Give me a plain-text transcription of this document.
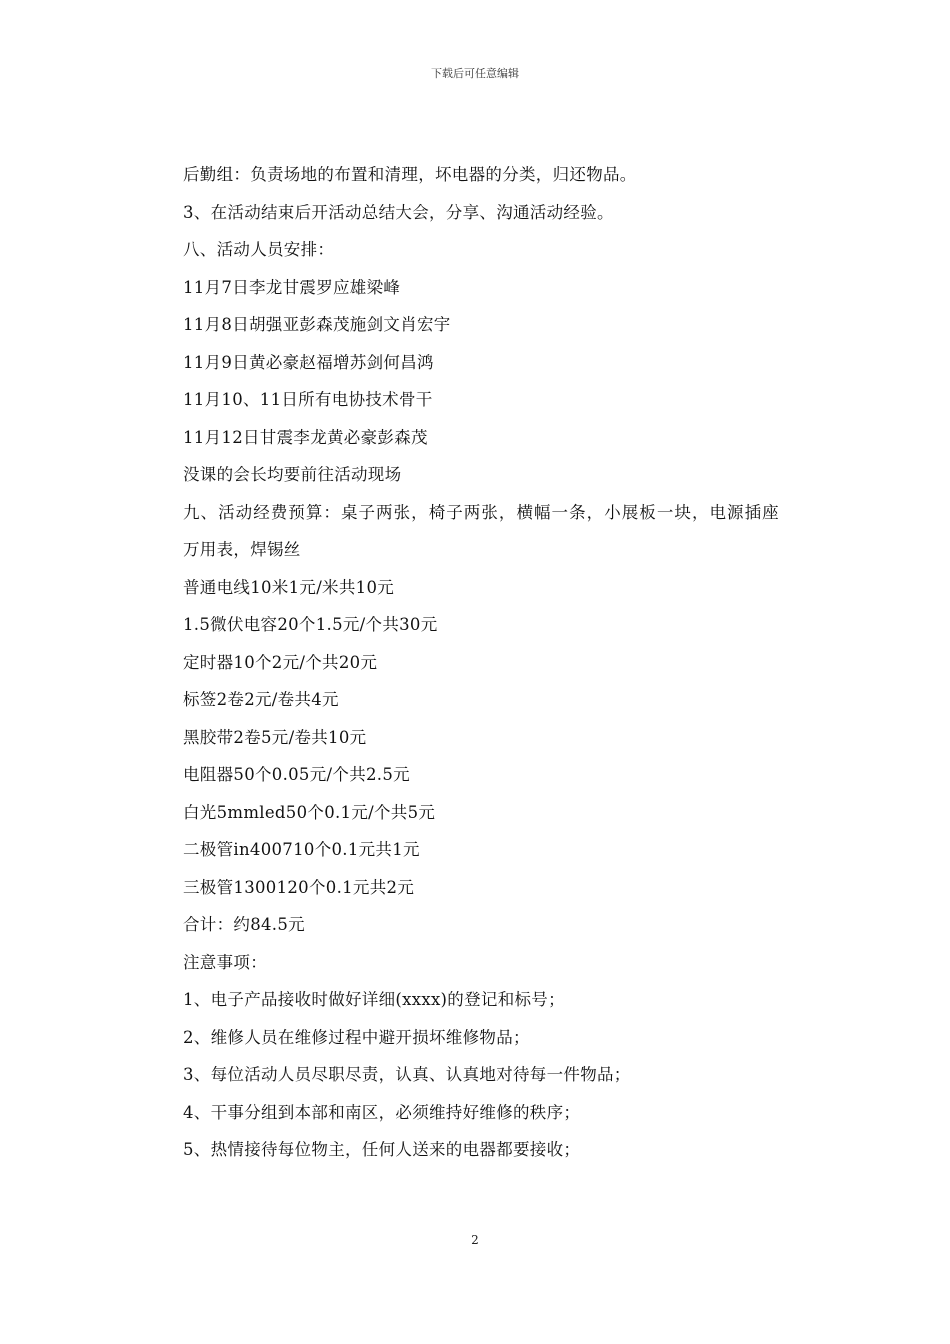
下载后可任意编辑

后勤组：负责场地的布置和清理，坏电器的分类，归还物品。

3、在活动结束后开活动总结大会，分享、沟通活动经验。

八、活动人员安排：

11月7日李龙甘震罗应雄梁峰

11月8日胡强亚彭森茂施剑文肖宏宇

11月9日黄必豪赵福增苏剑何昌鸿

11月10、11日所有电协技术骨干

11月12日甘震李龙黄必豪彭森茂

没课的会长均要前往活动现场

九、活动经费预算：桌子两张，椅子两张，横幅一条，小展板一块，电源插座

万用表，焊锡丝

普通电线10米1元/米共10元

1.5微伏电容20个1.5元/个共30元

定时器10个2元/个共20元

标签2卷2元/卷共4元

黑胶带2卷5元/卷共10元

电阻器50个0.05元/个共2.5元

白光5mmled50个0.1元/个共5元

二极管in400710个0.1元共1元

三极管1300120个0.1元共2元

合计：约84.5元

注意事项：

1、电子产品接收时做好详细(xxxx)的登记和标号；

2、维修人员在维修过程中避开损坏维修物品；

3、每位活动人员尽职尽责，认真、认真地对待每一件物品；

4、干事分组到本部和南区，必须维持好维修的秩序；

5、热情接待每位物主，任何人送来的电器都要接收；

2
